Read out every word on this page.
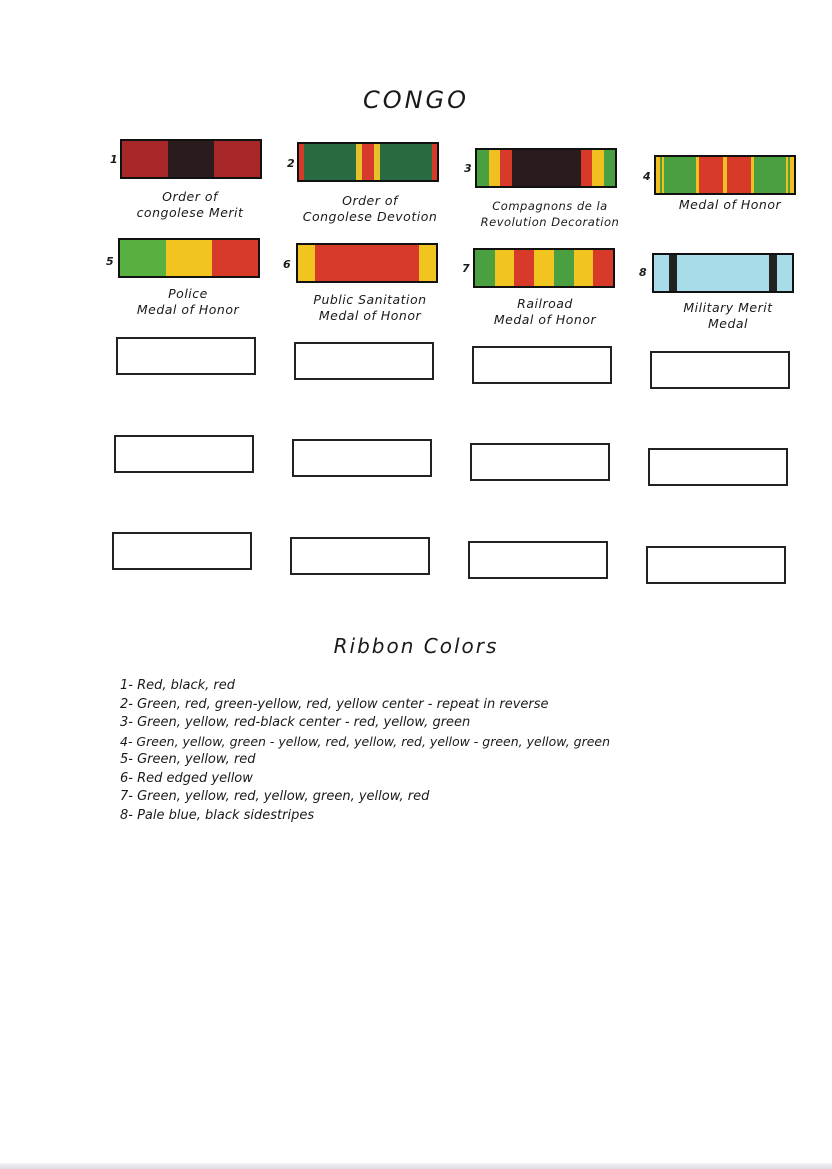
CONGO
1
Order of
congolese Merit
2
Order of
Congolese Devotion
3
Compagnons de la
Revolution Decoration
4
Medal of Honor
5
Police
Medal of Honor
6
Public Sanitation
Medal of Honor
7
Railroad
Medal of Honor
8
Military Merit
Medal
Ribbon Colors
1- Red, black, red
2- Green, red, green-yellow, red, yellow center - repeat in reverse
3- Green, yellow, red-black center - red, yellow, green
4- Green, yellow, green - yellow, red, yellow, red, yellow - green, yellow, green
5- Green, yellow, red
6- Red edged yellow
7- Green, yellow, red, yellow, green, yellow, red
8- Pale blue, black sidestripes
